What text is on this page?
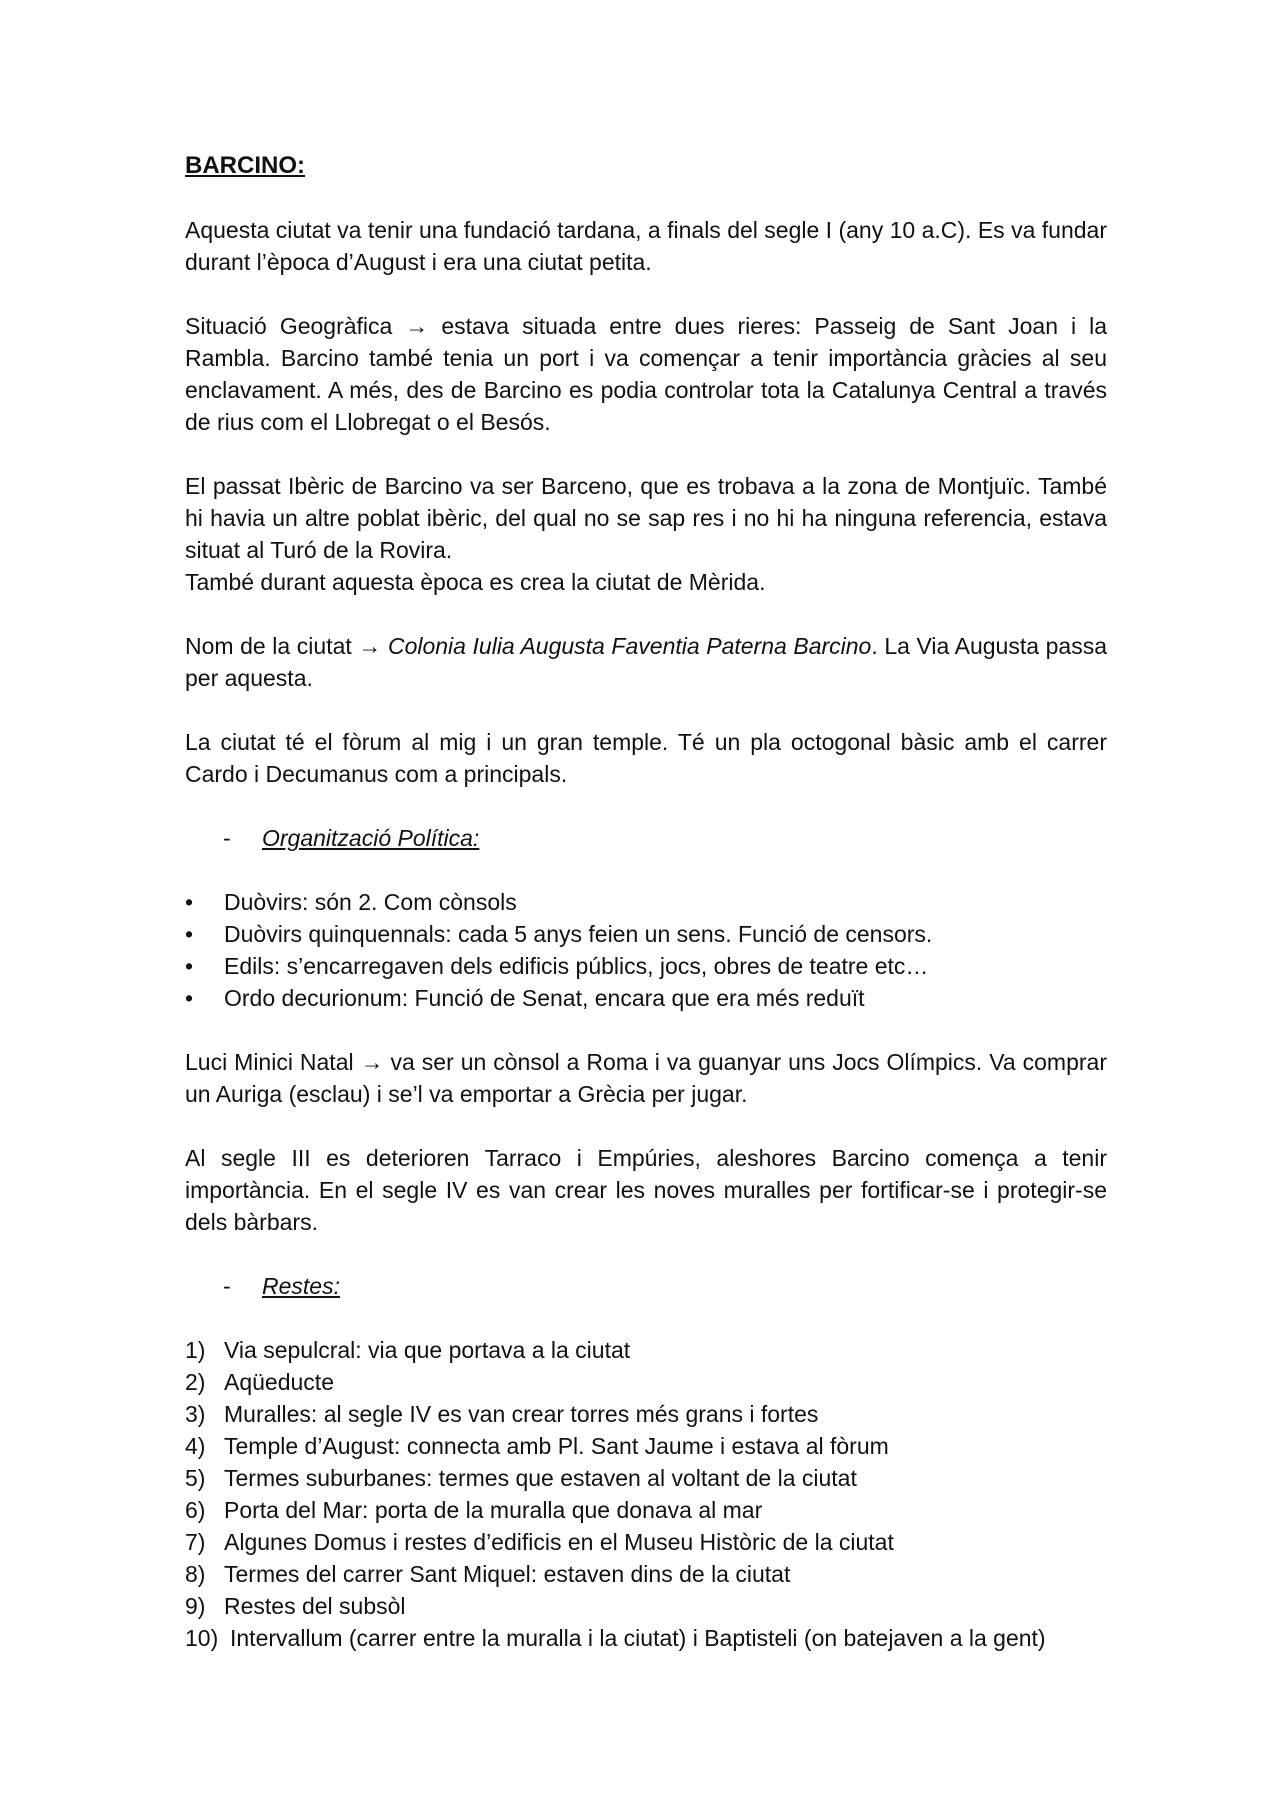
BARCINO:

Aquesta ciutat va tenir una fundació tardana, a finals del segle I (any 10 a.C). Es va fundar durant l’època d’August i era una ciutat petita.

Situació Geogràfica → estava situada entre dues rieres: Passeig de Sant Joan i la Rambla. Barcino també tenia un port i va començar a tenir importància gràcies al seu enclavament. A més, des de Barcino es podia controlar tota la Catalunya Central a través de rius com el Llobregat o el Besós.

El passat Ibèric de Barcino va ser Barceno, que es trobava a la zona de Montjuïc. També hi havia un altre poblat ibèric, del qual no se sap res i no hi ha ninguna referencia, estava situat al Turó de la Rovira.

També durant aquesta època es crea la ciutat de Mèrida.

Nom de la ciutat → Colonia Iulia Augusta Faventia Paterna Barcino. La Via Augusta passa per aquesta.

La ciutat té el fòrum al mig i un gran temple. Té un pla octogonal bàsic amb el carrer Cardo i Decumanus com a principals.

- Organització Política:
• Duòvirs: són 2. Com cònsols
• Duòvirs quinquennals: cada 5 anys feien un sens. Funció de censors.
• Edils: s’encarregaven dels edificis públics, jocs, obres de teatre etc…
• Ordo decurionum: Funció de Senat, encara que era més reduït

Luci Minici Natal → va ser un cònsol a Roma i va guanyar uns Jocs Olímpics. Va comprar un Auriga (esclau) i se’l va emportar a Grècia per jugar.

Al segle III es deterioren Tarraco i Empúries, aleshores Barcino comença a tenir importància. En el segle IV es van crear les noves muralles per fortificar-se i protegir-se dels bàrbars.

- Restes:
1) Via sepulcral: via que portava a la ciutat
2) Aqüeducte
3) Muralles: al segle IV es van crear torres més grans i fortes
4) Temple d’August: connecta amb Pl. Sant Jaume i estava al fòrum
5) Termes suburbanes: termes que estaven al voltant de la ciutat
6) Porta del Mar: porta de la muralla que donava al mar
7) Algunes Domus i restes d’edificis en el Museu Històric de la ciutat
8) Termes del carrer Sant Miquel: estaven dins de la ciutat
9) Restes del subsòl
10) Intervallum (carrer entre la muralla i la ciutat) i Baptisteli (on batejaven a la gent)
